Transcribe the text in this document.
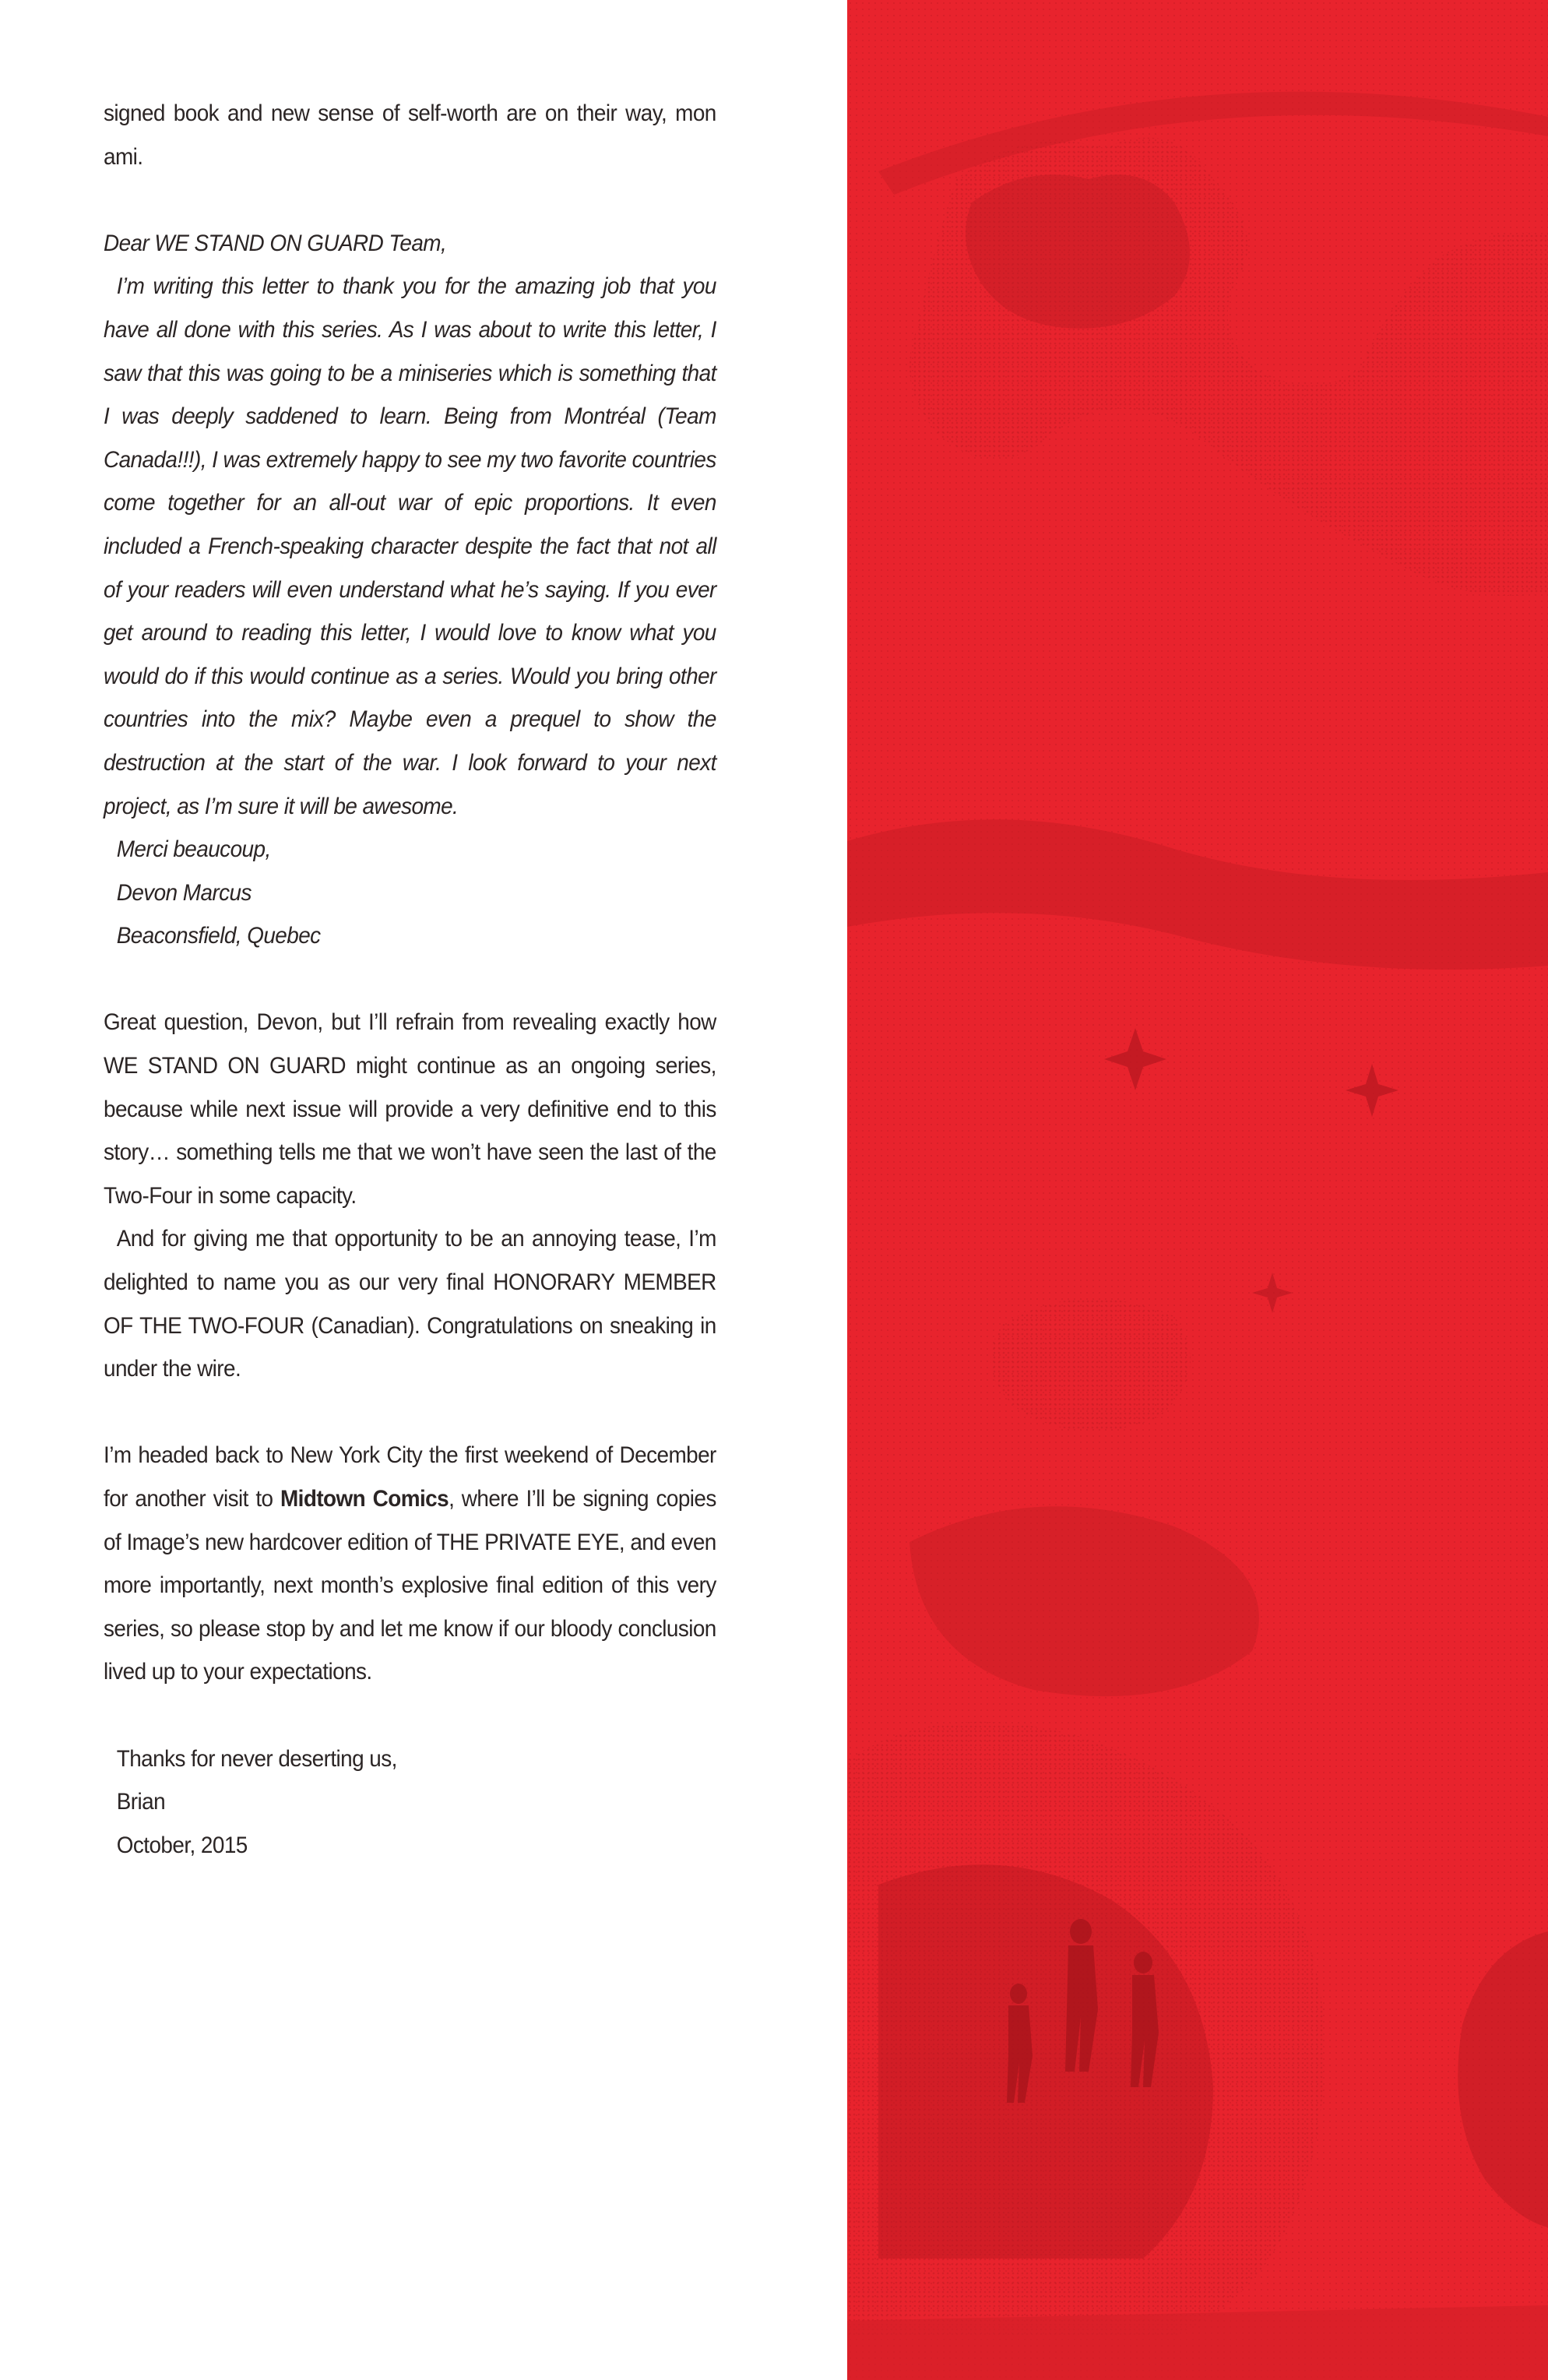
signed book and new sense of self-worth are on their way, mon ami.

Dear WE STAND ON GUARD Team,

I’m writing this letter to thank you for the amazing job that you have all done with this series. As I was about to write this letter, I saw that this was going to be a miniseries which is something that I was deeply saddened to learn. Being from Montréal (Team Canada!!!), I was extremely happy to see my two favorite countries come together for an all-out war of epic proportions. It even included a French-speaking character despite the fact that not all of your readers will even understand what he’s saying. If you ever get around to reading this letter, I would love to know what you would do if this would continue as a series. Would you bring other countries into the mix? Maybe even a prequel to show the destruction at the start of the war. I look forward to your next project, as I’m sure it will be awesome.

Merci beaucoup,

Devon Marcus

Beaconsfield, Quebec

Great question, Devon, but I’ll refrain from revealing exactly how WE STAND ON GUARD might continue as an ongoing series, because while next issue will provide a very definitive end to this story… something tells me that we won’t have seen the last of the Two-Four in some capacity.

And for giving me that opportunity to be an annoying tease, I’m delighted to name you as our very final HONORARY MEMBER OF THE TWO-FOUR (Canadian). Congratulations on sneaking in under the wire.

I’m headed back to New York City the first weekend of December for another visit to Midtown Comics, where I’ll be signing copies of Image’s new hardcover edition of THE PRIVATE EYE, and even more importantly, next month’s explosive final edition of this very series, so please stop by and let me know if our bloody conclusion lived up to your expectations.

Thanks for never deserting us,

Brian

October, 2015
